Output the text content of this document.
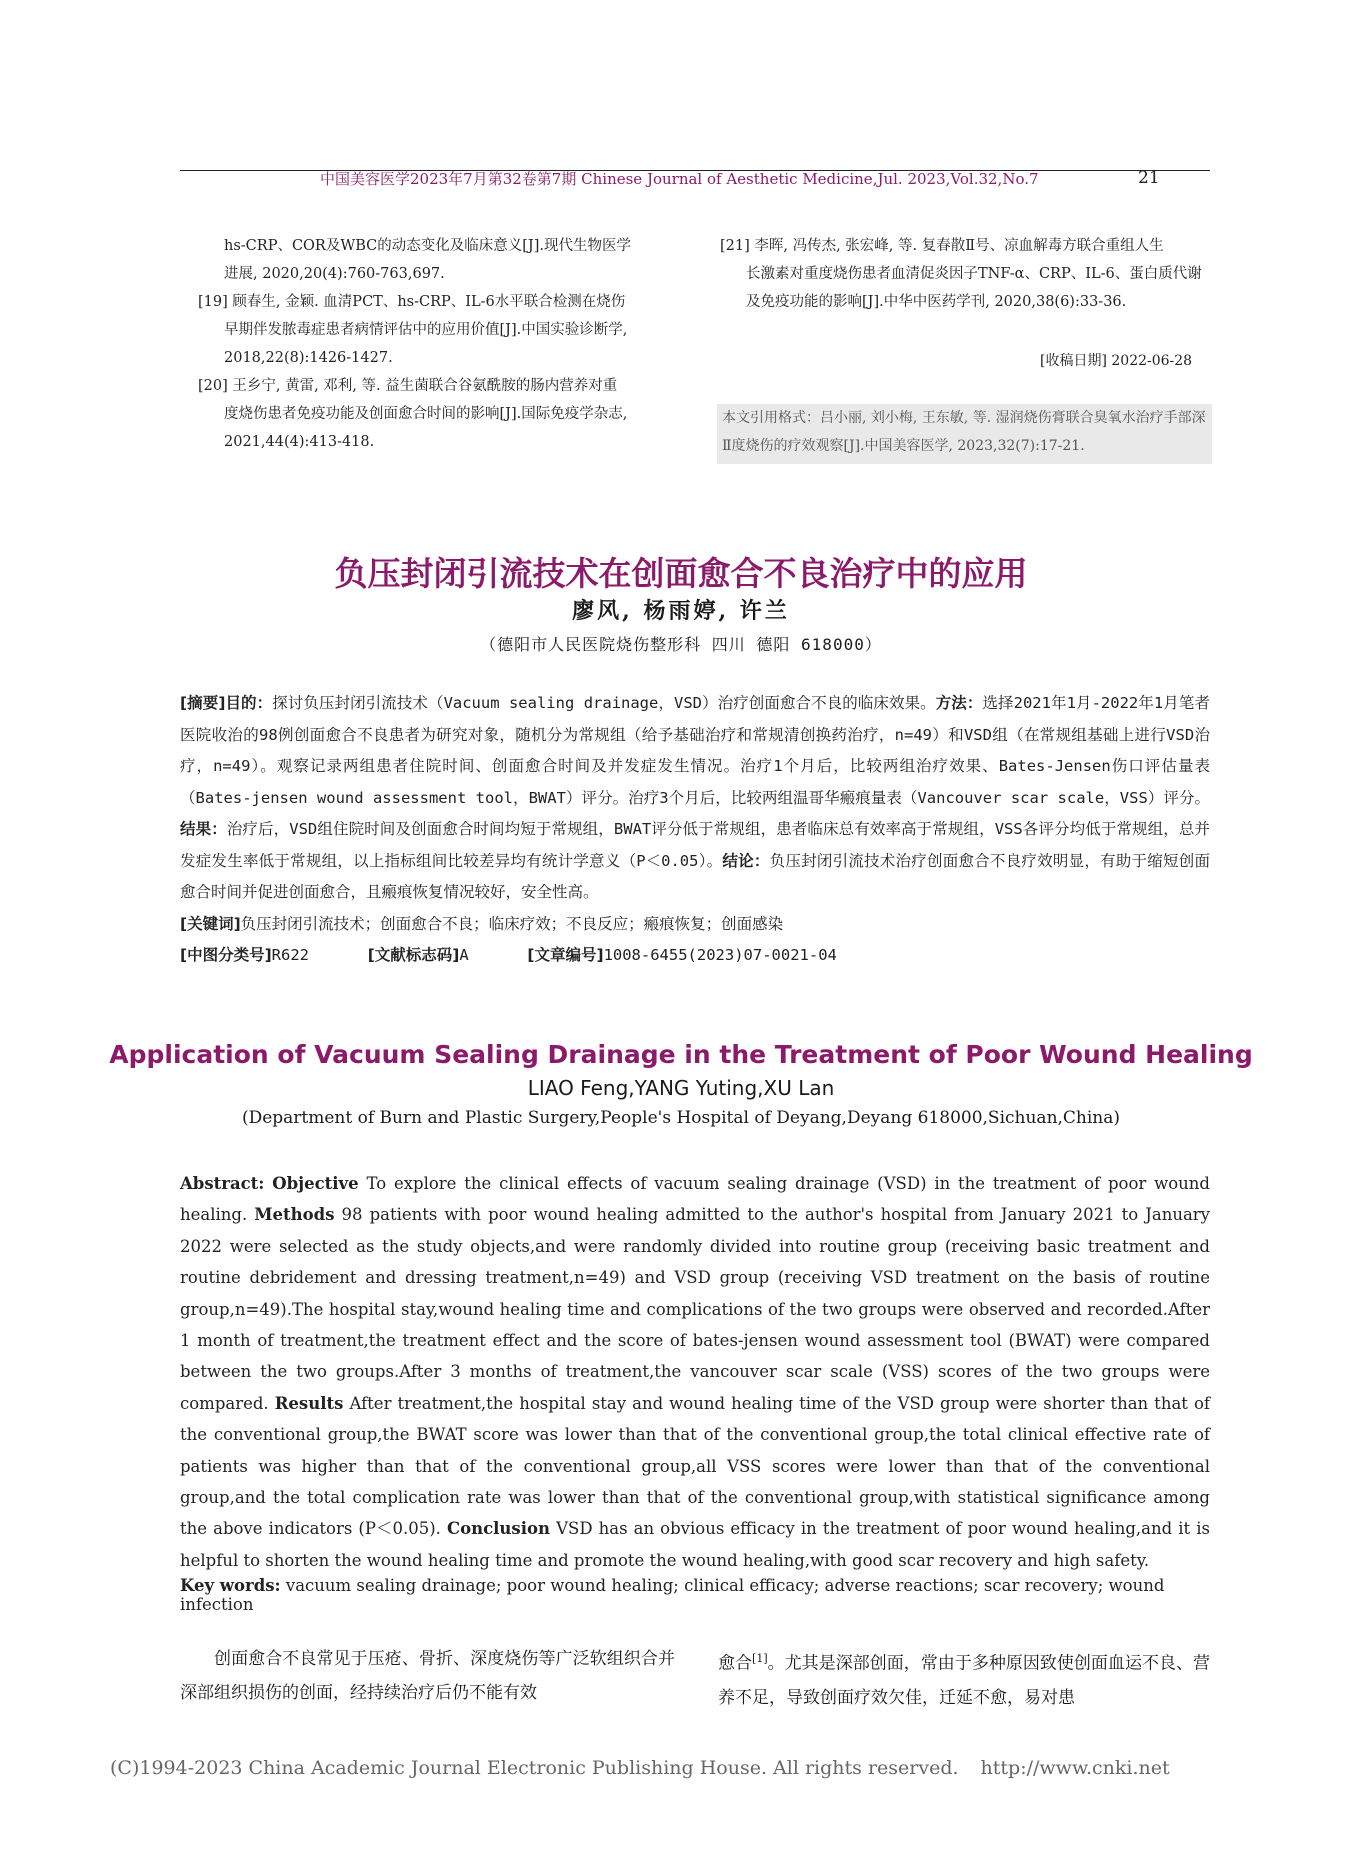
中国美容医学2023年7月第32卷第7期 Chinese Journal of Aesthetic Medicine,Jul. 2023,Vol.32,No.7	21
hs-CRP、COR及WBC的动态变化及临床意义[J].现代生物医学
进展, 2020,20(4):760-763,697.
[19] 顾春生, 金颖. 血清PCT、hs-CRP、IL-6水平联合检测在烧伤
早期伴发脓毒症患者病情评估中的应用价值[J].中国实验诊断学, 2018,22(8):1426-1427.
[20] 王乡宁, 黄雷, 邓利, 等. 益生菌联合谷氨酰胺的肠内营养对重
度烧伤患者免疫功能及创面愈合时间的影响[J].国际免疫学杂志, 2021,44(4):413-418.
[21] 李晖, 冯传杰, 张宏峰, 等. 复春散Ⅱ号、凉血解毒方联合重组人生
长激素对重度烧伤患者血清促炎因子TNF-α、CRP、IL-6、蛋白质代谢及免疫功能的影响[J].中华中医药学刊, 2020,38(6):33-36.
[收稿日期] 2022-06-28
本文引用格式：吕小丽, 刘小梅, 王东敏, 等. 湿润烧伤膏联合臭氧水治疗手部深Ⅱ度烧伤的疗效观察[J].中国美容医学, 2023,32(7):17-21.
负压封闭引流技术在创面愈合不良治疗中的应用
廖风, 杨雨婷, 许兰
（德阳市人民医院烧伤整形科 四川 德阳 618000）
[摘要]目的：探讨负压封闭引流技术（Vacuum sealing drainage，VSD）治疗创面愈合不良的临床效果。方法：选择2021年1月-2022年1月笔者医院收治的98例创面愈合不良患者为研究对象，随机分为常规组（给予基础治疗和常规清创换药治疗，n=49）和VSD组（在常规组基础上进行VSD治疗，n=49）。观察记录两组患者住院时间、创面愈合时间及并发症发生情况。治疗1个月后，比较两组治疗效果、Bates-Jensen伤口评估量表（Bates-jensen wound assessment tool，BWAT）评分。治疗3个月后，比较两组温哥华瘢痕量表（Vancouver scar scale，VSS）评分。结果：治疗后，VSD组住院时间及创面愈合时间均短于常规组，BWAT评分低于常规组，患者临床总有效率高于常规组，VSS各评分均低于常规组，总并发症发生率低于常规组，以上指标组间比较差异均有统计学意义（P＜0.05）。结论：负压封闭引流技术治疗创面愈合不良疗效明显，有助于缩短创面愈合时间并促进创面愈合，且瘢痕恢复情况较好，安全性高。
[关键词]负压封闭引流技术；创面愈合不良；临床疗效；不良反应；瘢痕恢复；创面感染
[中图分类号]R622	[文献标志码]A	[文章编号]1008-6455(2023)07-0021-04
Application of Vacuum Sealing Drainage in the Treatment of Poor Wound Healing
LIAO Feng,YANG Yuting,XU Lan
(Department of Burn and Plastic Surgery,People's Hospital of Deyang,Deyang 618000,Sichuan,China)
Abstract: Objective To explore the clinical effects of vacuum sealing drainage (VSD) in the treatment of poor wound healing. Methods 98 patients with poor wound healing admitted to the author's hospital from January 2021 to January 2022 were selected as the study objects,and were randomly divided into routine group (receiving basic treatment and routine debridement and dressing treatment,n=49) and VSD group (receiving VSD treatment on the basis of routine group,n=49).The hospital stay,wound healing time and complications of the two groups were observed and recorded.After 1 month of treatment,the treatment effect and the score of bates-jensen wound assessment tool (BWAT) were compared between the two groups.After 3 months of treatment,the vancouver scar scale (VSS) scores of the two groups were compared. Results After treatment,the hospital stay and wound healing time of the VSD group were shorter than that of the conventional group,the BWAT score was lower than that of the conventional group,the total clinical effective rate of patients was higher than that of the conventional group,all VSS scores were lower than that of the conventional group,and the total complication rate was lower than that of the conventional group,with statistical significance among the above indicators (P＜0.05). Conclusion VSD has an obvious efficacy in the treatment of poor wound healing,and it is helpful to shorten the wound healing time and promote the wound healing,with good scar recovery and high safety.
Key words: vacuum sealing drainage; poor wound healing; clinical efficacy; adverse reactions; scar recovery; wound infection
创面愈合不良常见于压疮、骨折、深度烧伤等广泛软组织合并深部组织损伤的创面，经持续治疗后仍不能有效
愈合[1]。尤其是深部创面，常由于多种原因致使创面血运不良、营养不足，导致创面疗效欠佳，迁延不愈，易对患
(C)1994-2023 China Academic Journal Electronic Publishing House. All rights reserved. http://www.cnki.net
